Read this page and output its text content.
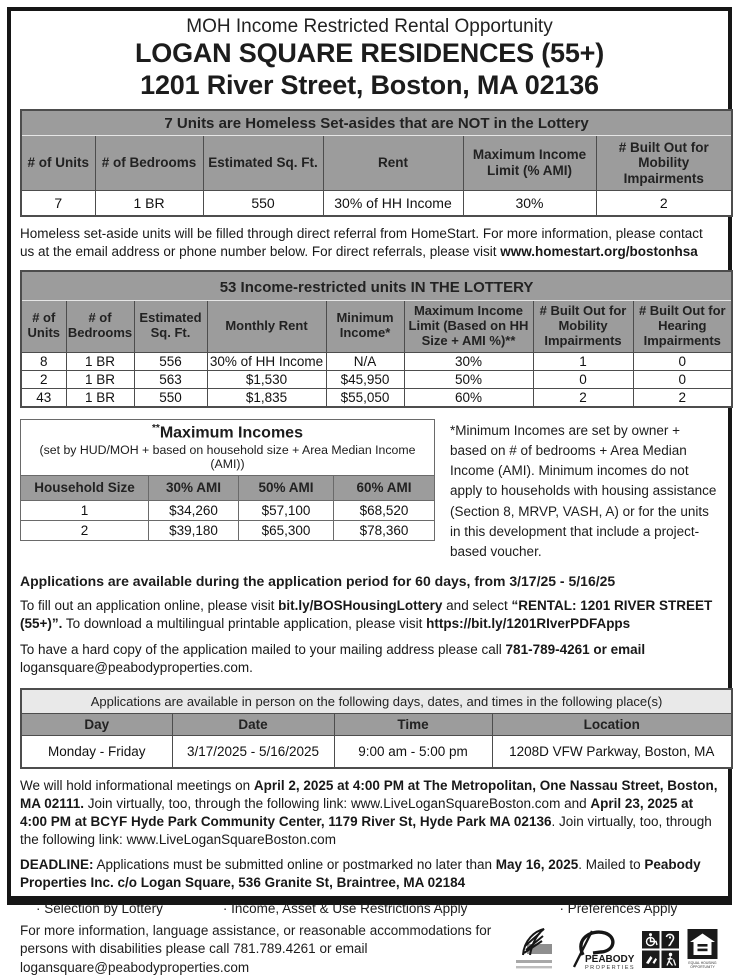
MOH Income Restricted Rental Opportunity
LOGAN SQUARE RESIDENCES (55+)
1201 River Street, Boston, MA 02136
7 Units are Homeless Set-asides that are NOT in the Lottery					
# of Units	# of Bedrooms	Estimated Sq. Ft.	Rent	Maximum Income Limit (% AMI)	# Built Out for Mobility Impairments
7	1 BR	550	30% of HH Income	30%	2

Homeless set-aside units will be filled through direct referral from HomeStart. For more information, please contact us at the email address or phone number below. For direct referrals, please visit www.homestart.org/bostonhsa

53 Income-restricted units IN THE LOTTERY							
# of Units	# of Bedrooms	Estimated Sq. Ft.	Monthly Rent	Minimum Income*	Maximum Income Limit (Based on HH Size + AMI %)**	# Built Out for Mobility Impairments	# Built Out for Hearing Impairments
8	1 BR	556	30% of HH Income	N/A	30%	1	0
2	1 BR	563	$1,530	$45,950	50%	0	0
43	1 BR	550	$1,835	$55,050	60%	2	2
**Maximum Incomes
(set by HUD/MOH + based on household size + Area Median Income (AMI))			

Household Size	30% AMI	50% AMI	60% AMI
1	$34,260	$57,100	$68,520
2	$39,180	$65,300	$78,360
*Minimum Incomes are set by owner + based on # of bedrooms + Area Median Income (AMI). Minimum incomes do not apply to households with housing assistance (Section 8, MRVP, VASH, A) or for the units in this development that include a project-based voucher.
Applications are available during the application period for 60 days, from 3/17/25 - 5/16/25

To fill out an application online, please visit bit.ly/BOSHousingLottery and select “RENTAL: 1201 RIVER STREET (55+)”. To download a multilingual printable application, please visit https://bit.ly/1201RIverPDFApps

To have a hard copy of the application mailed to your mailing address please call 781-789-4261 or email logansquare@peabodyproperties.com.

Applications are available in person on the following days, dates, and times in the following place(s)			
Day	Date	Time	Location
Monday - Friday	3/17/2025 - 5/16/2025	9:00 am - 5:00 pm	1208D VFW Parkway, Boston, MA

We will hold informational meetings on April 2, 2025 at 4:00 PM at The Metropolitan, One Nassau Street, Boston, MA 02111. Join virtually, too, through the following link: www.LiveLoganSquareBoston.com and April 23, 2025 at 4:00 PM at BCYF Hyde Park Community Center, 1179 River St, Hyde Park MA 02136. Join virtually, too, through the following link: www.LiveLoganSquareBoston.com

DEADLINE: Applications must be submitted online or postmarked no later than May 16, 2025. Mailed to Peabody Properties Inc. c/o Logan Square, 536 Granite St, Braintree, MA 02184

· Selection by Lottery	· Income, Asset & Use Restrictions Apply	· Preferences Apply
For more information, language assistance, or reasonable accommodations for persons with disabilities please call 781.789.4261 or email logansquare@peabodyproperties.com	PEABODY
PROPERTIES
EQUAL HOUSING
OPPORTUNITY
